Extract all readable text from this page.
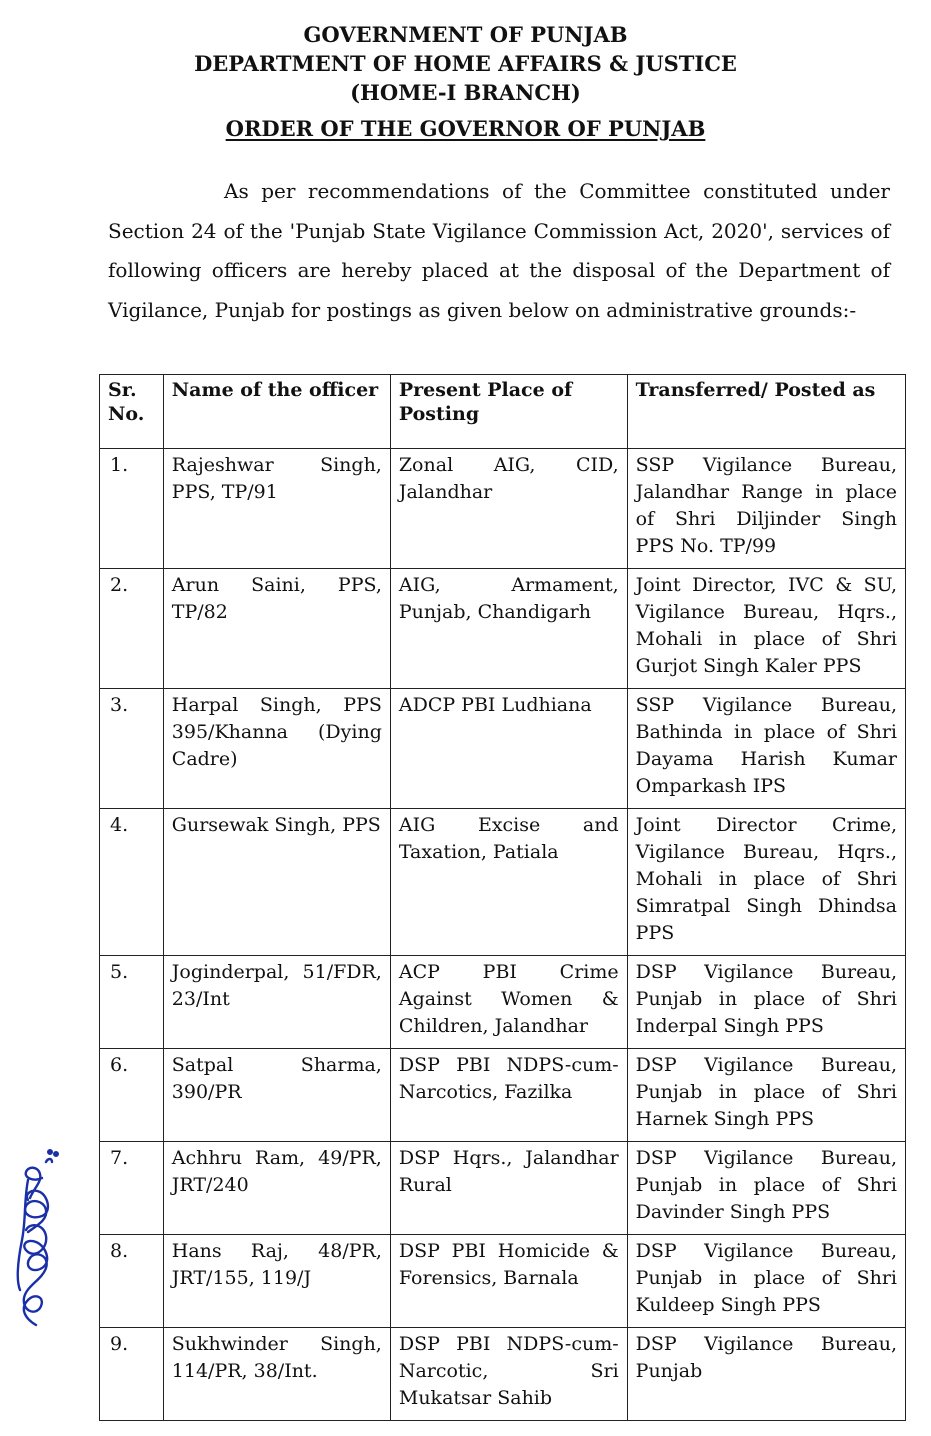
GOVERNMENT OF PUNJAB
DEPARTMENT OF HOME AFFAIRS & JUSTICE
(HOME-I BRANCH)
ORDER OF THE GOVERNOR OF PUNJAB

As per recommendations of the Committee constituted under Section 24 of the 'Punjab State Vigilance Commission Act, 2020', services of following officers are hereby placed at the disposal of the Department of Vigilance, Punjab for postings as given below on administrative grounds:-

Sr.
No.	Name of the officer	Present Place of Posting	Transferred/ Posted as
1.	Rajeshwar Singh, PPS, TP/91	Zonal AIG, CID, Jalandhar	SSP Vigilance Bureau, Jalandhar Range in place of Shri Diljinder Singh PPS No. TP/99
2.	Arun Saini, PPS, TP/82	AIG, Armament, Punjab, Chandigarh	Joint Director, IVC & SU, Vigilance Bureau, Hqrs., Mohali in place of Shri Gurjot Singh Kaler PPS
3.	Harpal Singh, PPS 395/Khanna (Dying Cadre)	ADCP PBI Ludhiana	SSP Vigilance Bureau, Bathinda in place of Shri Dayama Harish Kumar Omparkash IPS
4.	Gursewak Singh, PPS	AIG Excise and Taxation, Patiala	Joint Director Crime, Vigilance Bureau, Hqrs., Mohali in place of Shri Simratpal Singh Dhindsa PPS
5.	Joginderpal, 51/FDR, 23/Int	ACP PBI Crime Against Women & Children, Jalandhar	DSP Vigilance Bureau, Punjab in place of Shri Inderpal Singh PPS
6.	Satpal Sharma, 390/PR	DSP PBI NDPS-cum-Narcotics, Fazilka	DSP Vigilance Bureau, Punjab in place of Shri Harnek Singh PPS
7.	Achhru Ram, 49/PR, JRT/240	DSP Hqrs., Jalandhar Rural	DSP Vigilance Bureau, Punjab in place of Shri Davinder Singh PPS
8.	Hans Raj, 48/PR, JRT/155, 119/J	DSP PBI Homicide & Forensics, Barnala	DSP Vigilance Bureau, Punjab in place of Shri Kuldeep Singh PPS
9.	Sukhwinder Singh, 114/PR, 38/Int.	DSP PBI NDPS-cum-Narcotic, Sri Mukatsar Sahib	DSP Vigilance Bureau, Punjab
